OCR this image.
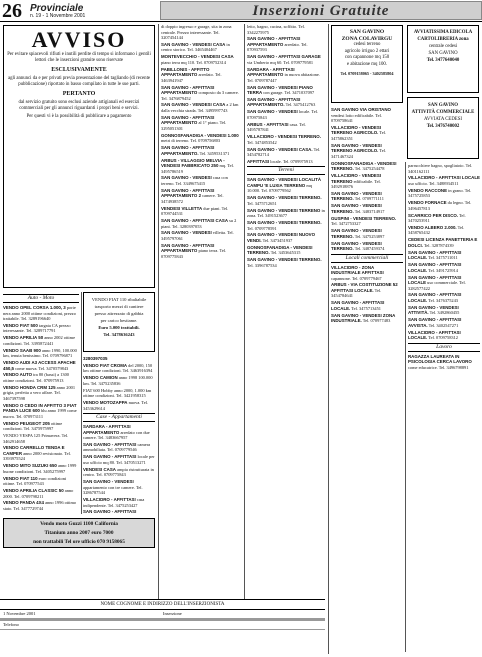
26 Provinciale
n. 19 - 1 Novembre 2001	Inserzioni Gratuite
AVVISO

Per evitare spiacevoli rifiuti e inutili perdite di tempo si informano i gentili lettori che le inserzioni gratuite sono riservate

ESCLUSIVAMENTE

agli annunci da e per privati previa presentazione del tagliando (di recente pubblicazione) riportato in basso compilato in tutte le sue parti.

PERTANTO

dal servizio gratuito sono esclusi aziende artigianali ed esercizi commerciali per gli annunci riguardanti i propri beni e servizi.

Per questi vi è la possibilità di pubblicare a pagamento

Auto - Moto

VENDO OPEL CORSA 1.000, 3 porte nera anno 2000 ottime condizioni, prezzo trattabile. Tel. 3289196640

VENDO FIAT 500 targata CA prezzo interessante. Tel. 3289717791

VENDO APRILIA 50 anno 2002 ottime condizioni. Tel. 3395872441

VENDO SAAB 900 anno 1990, 100.000 km, tenuta benissimo. Tel. 0709796871

VENDO AUDI A3 ACCESS APACHE 450,5 come nuova. Tel. 3470579843

VENDO AUTO tra 80 (bassi) a 1300 ottime condizioni. Tel. 070975913

VENDO HONDA CRM 125 anno 2001 grigia, perfetta a vero affare. Tel. 3467397598

VENDO O CEDO IN AFFITTO 3 FIAT PANDA LUCE 600 blu anno 1999 come nuova. Tel. 070973111

VENDO PEUGEOT 205 ottime condizioni. Tel. 3475975997

VENDO VESPA 125 Primavera. Tel. 3462914658

VENDO CARRELLO TENDA E CAMPER anno 2000 revisionato. Tel. 3393975524

VENDO MITO SUZUKI 650 anno 1999 buone condizioni. Tel. 3405275997

VENDO FIAT 110 euro condizioni ottime. Tel. 070977543

VENDO APRILIA CLASSIC 50 anno 2000. Tel. 0709798211

VENDO PANDA 4X4 anno 1996 ottimo stato. Tel. 3477729744

VENDO FIAT 110 ribaltabile
trasporto mezzi di cantiere
presso attrezzato di gabbia
per carico bestiame.
Euro 5.000 trattabili.
Tel. 3478636243

3280397035

VENDO FIAT CROMA del 2000, 150 km ottime condizioni. Tel. 3463916394

VENDO CAMION anno 1998 100.000 km. Tel. 3475235836

FIAT 600 Hobby anno 2000, 1.000 km ottime condizioni. Tel. 3421958315

VENDO MOTOZAPPA nuova. Tel. 3453629614

Case - Appartamenti

SARDARA - AFFITTASI APPARTAMENTO arredato con due camere. Tel. 3483667957

SAN GAVINO - AFFITTASI camera ammobiliata. Tel. 0709779546

SAN GAVINO - AFFITTASI locale per uso ufficio mq 80. Tel. 3470513271

VENDESI CASA ampia ristrutturata in centro. Tel. 0709775843

SAN GAVINO - VENDESI appartamento con tre camere. Tel. 3286787544

VILLACIDRO - AFFITTASI casa indipendente. Tel. 3475253427

SAN GAVINO - AFFITTASI

Vendo moto Guzzi 1100 California
Titanium anno 2007 euro 7000
non trattabili Tel ore ufficio 070 9158065

di doppio ingresso e garage, sita in zona centrale. Prezzo interessante. Tel. 3207454144

SAN GAVINO - VENDESI CASA in centro storico. Tel. 3465404467

MONTEVECCHIO - VENDESI CASA piano terra mq 110. Tel. 0709752314

PABILLONIS - AFFITTO APPARTAMENTO arredato. Tel. 3463941947

SAN GAVINO - AFFITTASI APPARTAMENTO composto da 3 camere. Tel. 3476879452

SAN GAVINO - VENDESI CASA a 2 km dalla vecchia strada. Tel. 3495997743

SAN GAVINO - AFFITTASI APPARTAMENTO al 1° piano. Tel. 3295051301

GONNOSFANADIGA - VENDESI 1.000 metri di terreno. Tel. 0709756803

SAN GAVINO - AFFITTASI APPARTAMENTO. Tel. 3459531371

ARBUS - VILLAGGIO MELVIA - VENDESI FABBRICATO 250 mq. Tel. 3495786519

SAN GAVINO - VENDESI casa con terreno. Tel. 3349675415

SAN GAVINO - AFFITTASI APPARTAMENTO 2 camere. Tel. 3474938572

VENDESI VILLETTA due piani. Tel. 0709744531

SAN GAVINO - AFFITTASI CASA su 2 piani. Tel. 3280397053

SAN GAVINO - VENDESI villetta. Tel. 3495797061

SAN GAVINO - AFFITTASI APPARTAMENTO piano terra. Tel. 0709775843

letto, bagno, cucina, soffitto. Tel. 3342275975

SAN GAVINO - AFFITTASI APPARTAMENTO arredato. Tel. 070937593

SAN GAVINO - AFFITTASI GARAGE via Umberto mq 60. Tel. 0709779581

SARDARA - AFFITTASI APPARTAMENTO in nuova abitazione. Tel. 0709787447

SAN GAVINO - VENDESI PIANO TERRA con garage. Tel. 3471037097

SAN GAVINO - AFFITTASI APPARTAMENTO. Tel. 3475412763

SAN GAVINO - VENDESI locale. Tel. 070975843

ARBUS - AFFITTASI casa. Tel. 3495787841

VILLACIDRO - VENDESI TERRENO. Tel. 3474853542

SAN GAVINO - VENDESI CASA. Tel. 3454782714

AFFITTASI locale. Tel. 0709975913

Terreni

SAN GAVINO - VENDESI LOCALITÀ CAMPU 'E LUXIA TERRENO mq 10.000. Tel. 0709779562

SAN GAVINO - VENDESI TERRENO. Tel. 3475712651

SAN GAVINO - VENDESI TERRENO in zona. Tel. 3491523677

SAN GAVINO - VENDESI TERRENO. Tel. 0709778591

SAN GAVINO - VENDESI NUOVO VENDI. Tel. 3473451937

GONNOSFANADIGA - VENDESI TERRENO. Tel. 3453645315

SAN GAVINO - VENDESI TERRENO. Tel. 3396787534

SAN GAVINO
ZONA COLAVIRGU
cedesi terreno
agricolo irriguo 2 ettari
con capannone mq 150
e abitazione mq 100.
Tel. 0709158065 - 3402585804
AVVIATISSIMA EDICOLA
CARTOLIBRERIA zona
centrale cedesi
SAN GAVINO
Tel. 3477640040
SAN GAVINO
ATTIVITÀ COMMERCIALE
AVVIATA CEDESI
Tel. 3476740002

SAN GAVINO VIA ORISTANO vendesi lotto edificabile. Tel. 0709758641

VILLACIDRO - VENDESI TERRENO AGRICOLO. Tel. 3475862351

SAN GAVINO - VENDESI TERRENO AGRICOLO. Tel. 3471467324

GONNOSFANADIGA - VENDESI TERRENO. Tel. 3475254478

VILLACIDRO - VENDESI TERRENO edificabile. Tel. 3492918876

SAN GAVINO - VENDESI TERRENO. Tel. 0709771111

SAN GAVINO - VENDESI TERRENO. Tel. 3483714917

GUSPINI - VENDESI TERRENO. Tel. 3472753327

SAN GAVINO - VENDESI TERRENO. Tel. 3475253897

SAN GAVINO - VENDESI TERRENO. Tel. 3487459374

Locali commerciali

VILLACIDRO - ZONA INDUSTRIALE AFFITTASI capannone. Tel. 0709779467

ARBUS - VIA COSTITUZIONE 52 AFFITTASI LOCALE. Tel. 3454784641

SAN GAVINO - AFFITTASI LOCALE. Tel. 3475713451

SAN GAVINO - VENDESI ZONA INDUSTRIALE. Tel. 070977483

parrucchiere bagno, spogliatoio. Tel. 3401162111

VILLACIDRO - AFFITTASI LOCALE uso ufficio. Tel. 3488934511

VENDO RACCONE in grano. Tel. 3475725853

VENDO FORNACE da legno. Tel. 3496457813

SCARRICO PER DISCO. Tel. 3470253911

VENDO ALBERO 2.000. Tel. 3458765432

CEDESI LICENZA PANETTERIA E DOLCI. Tel. 3287874339

SAN GAVINO - AFFITTASI LOCALE. Tel. 3475711011

SAN GAVINO - AFFITTASI LOCALE. Tel. 3491725914

SAN GAVINO - AFFITTASI LOCALE uso commerciale. Tel. 3282577422

SAN GAVINO - AFFITTASI LOCALE. Tel. 3476375243

SAN GAVINO - VENDESI ATTIVITÀ. Tel. 3492860455

SAN GAVINO - AFFITTASI AVVISTA. Tel. 3402547271

VILLACIDRO - AFFITTASI LOCALE. Tel. 0709758312

Lavoro

RAGAZZA LAUREATA IN PSICOLOGIA CERCA LAVORO come educatrice. Tel. 3496798891

NOME COGNOME E INDIRIZZO DELL'INSERZIONISTA
1 Novembre 2001	Inserzione
Telefono
